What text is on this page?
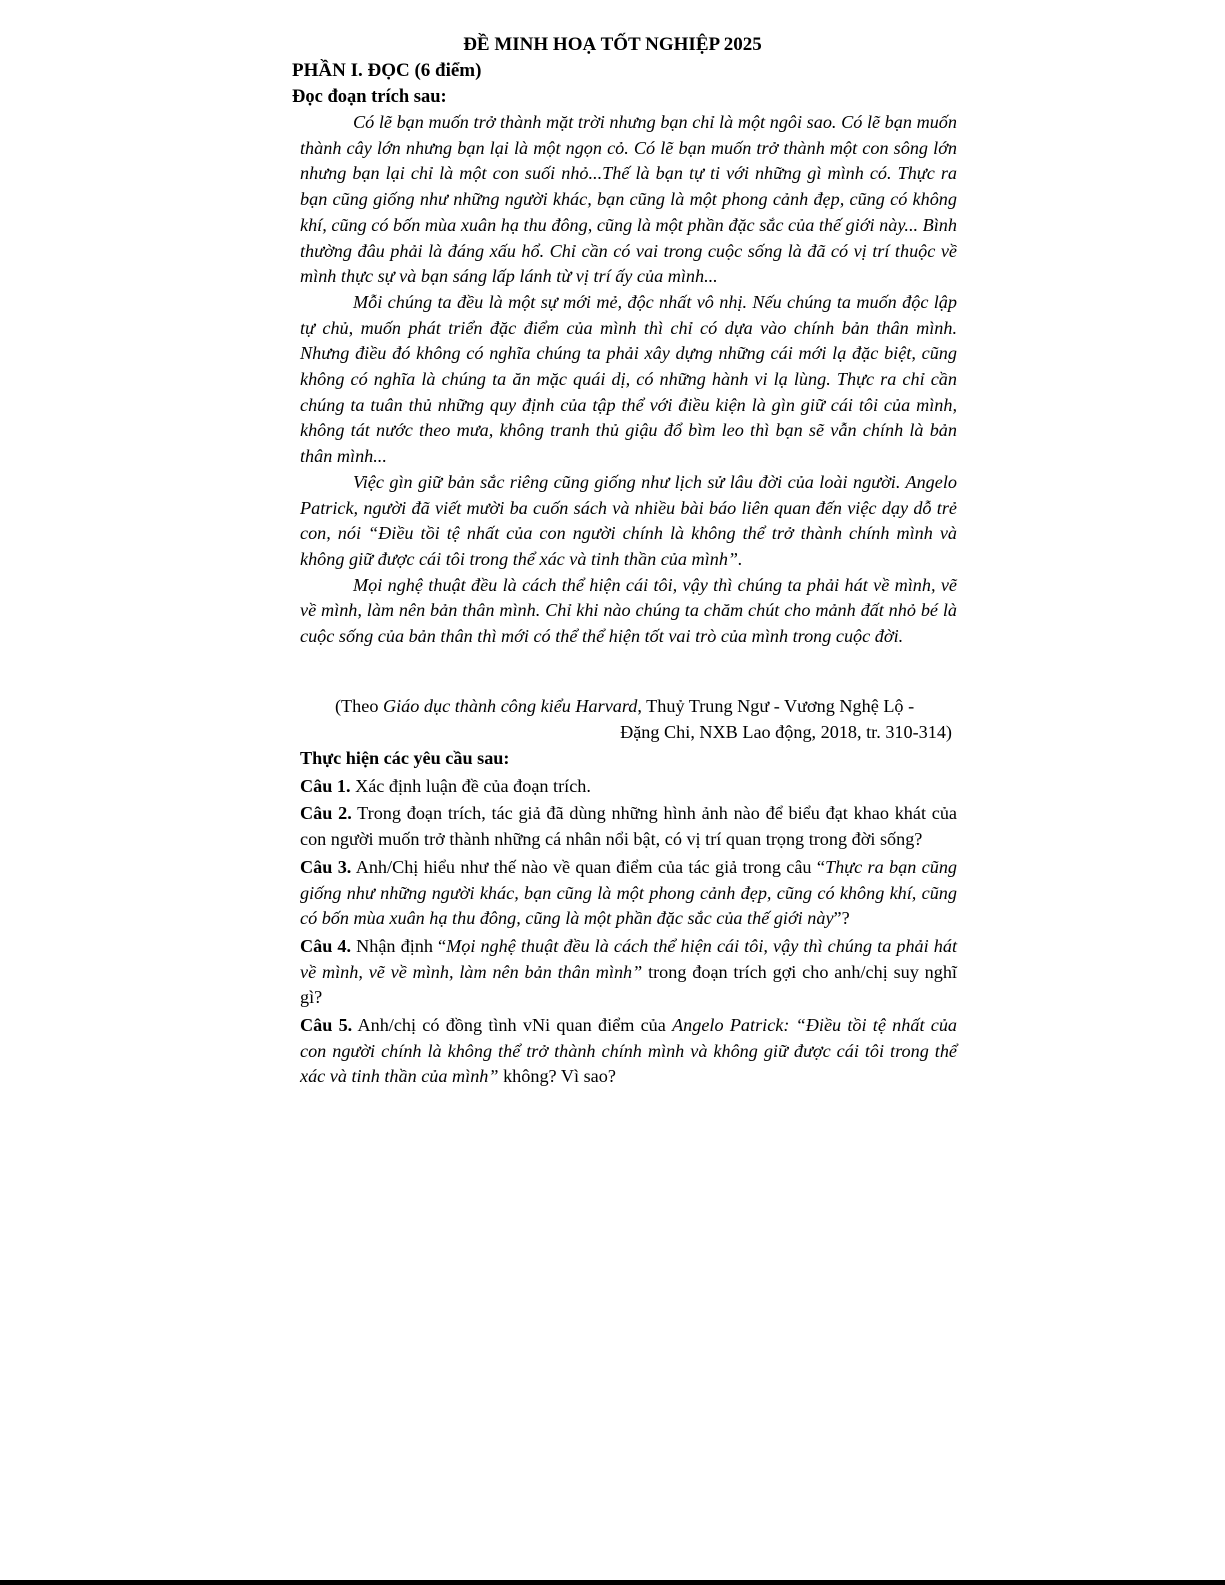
ĐỀ MINH HOẠ TỐT NGHIỆP 2025
PHẦN I. ĐỌC (6 điểm)
Đọc đoạn trích sau:

Có lẽ bạn muốn trở thành mặt trời nhưng bạn chỉ là một ngôi sao. Có lẽ bạn muốn thành cây lớn nhưng bạn lại là một ngọn cỏ. Có lẽ bạn muốn trở thành một con sông lớn nhưng bạn lại chỉ là một con suối nhỏ...Thế là bạn tự ti với những gì mình có. Thực ra bạn cũng giống như những người khác, bạn cũng là một phong cảnh đẹp, cũng có không khí, cũng có bốn mùa xuân hạ thu đông, cũng là một phần đặc sắc của thế giới này... Bình thường đâu phải là đáng xấu hổ. Chỉ cần có vai trong cuộc sống là đã có vị trí thuộc về mình thực sự và bạn sáng lấp lánh từ vị trí ấy của mình...

Mỗi chúng ta đều là một sự mới mẻ, độc nhất vô nhị. Nếu chúng ta muốn độc lập tự chủ, muốn phát triển đặc điểm của mình thì chỉ có dựa vào chính bản thân mình. Nhưng điều đó không có nghĩa chúng ta phải xây dựng những cái mới lạ đặc biệt, cũng không có nghĩa là chúng ta ăn mặc quái dị, có những hành vi lạ lùng. Thực ra chỉ cần chúng ta tuân thủ những quy định của tập thể với điều kiện là gìn giữ cái tôi của mình, không tát nước theo mưa, không tranh thủ giậu đổ bìm leo thì bạn sẽ vẫn chính là bản thân mình...

Việc gìn giữ bản sắc riêng cũng giống như lịch sử lâu đời của loài người. Angelo Patrick, người đã viết mười ba cuốn sách và nhiều bài báo liên quan đến việc dạy dỗ trẻ con, nói “Điều tồi tệ nhất của con người chính là không thể trở thành chính mình và không giữ được cái tôi trong thể xác và tinh thần của mình”.

Mọi nghệ thuật đều là cách thể hiện cái tôi, vậy thì chúng ta phải hát về mình, vẽ về mình, làm nên bản thân mình. Chỉ khi nào chúng ta chăm chút cho mảnh đất nhỏ bé là cuộc sống của bản thân thì mới có thể thể hiện tốt vai trò của mình trong cuộc đời.

(Theo Giáo dục thành công kiểu Harvard, Thuỷ Trung Ngư - Vương Nghệ Lộ -
Đặng Chi, NXB Lao động, 2018, tr. 310-314)

Thực hiện các yêu cầu sau:

Câu 1. Xác định luận đề của đoạn trích.

Câu 2. Trong đoạn trích, tác giả đã dùng những hình ảnh nào để biểu đạt khao khát của con người muốn trở thành những cá nhân nổi bật, có vị trí quan trọng trong đời sống?

Câu 3. Anh/Chị hiểu như thế nào về quan điểm của tác giả trong câu “Thực ra bạn cũng giống như những người khác, bạn cũng là một phong cảnh đẹp, cũng có không khí, cũng có bốn mùa xuân hạ thu đông, cũng là một phần đặc sắc của thế giới này”?

Câu 4. Nhận định “Mọi nghệ thuật đều là cách thể hiện cái tôi, vậy thì chúng ta phải hát về mình, vẽ về mình, làm nên bản thân mình” trong đoạn trích gợi cho anh/chị suy nghĩ gì?

Câu 5. Anh/chị có đồng tình vNi quan điểm của Angelo Patrick: “Điều tồi tệ nhất của con người chính là không thể trở thành chính mình và không giữ được cái tôi trong thể xác và tinh thần của mình” không? Vì sao?
